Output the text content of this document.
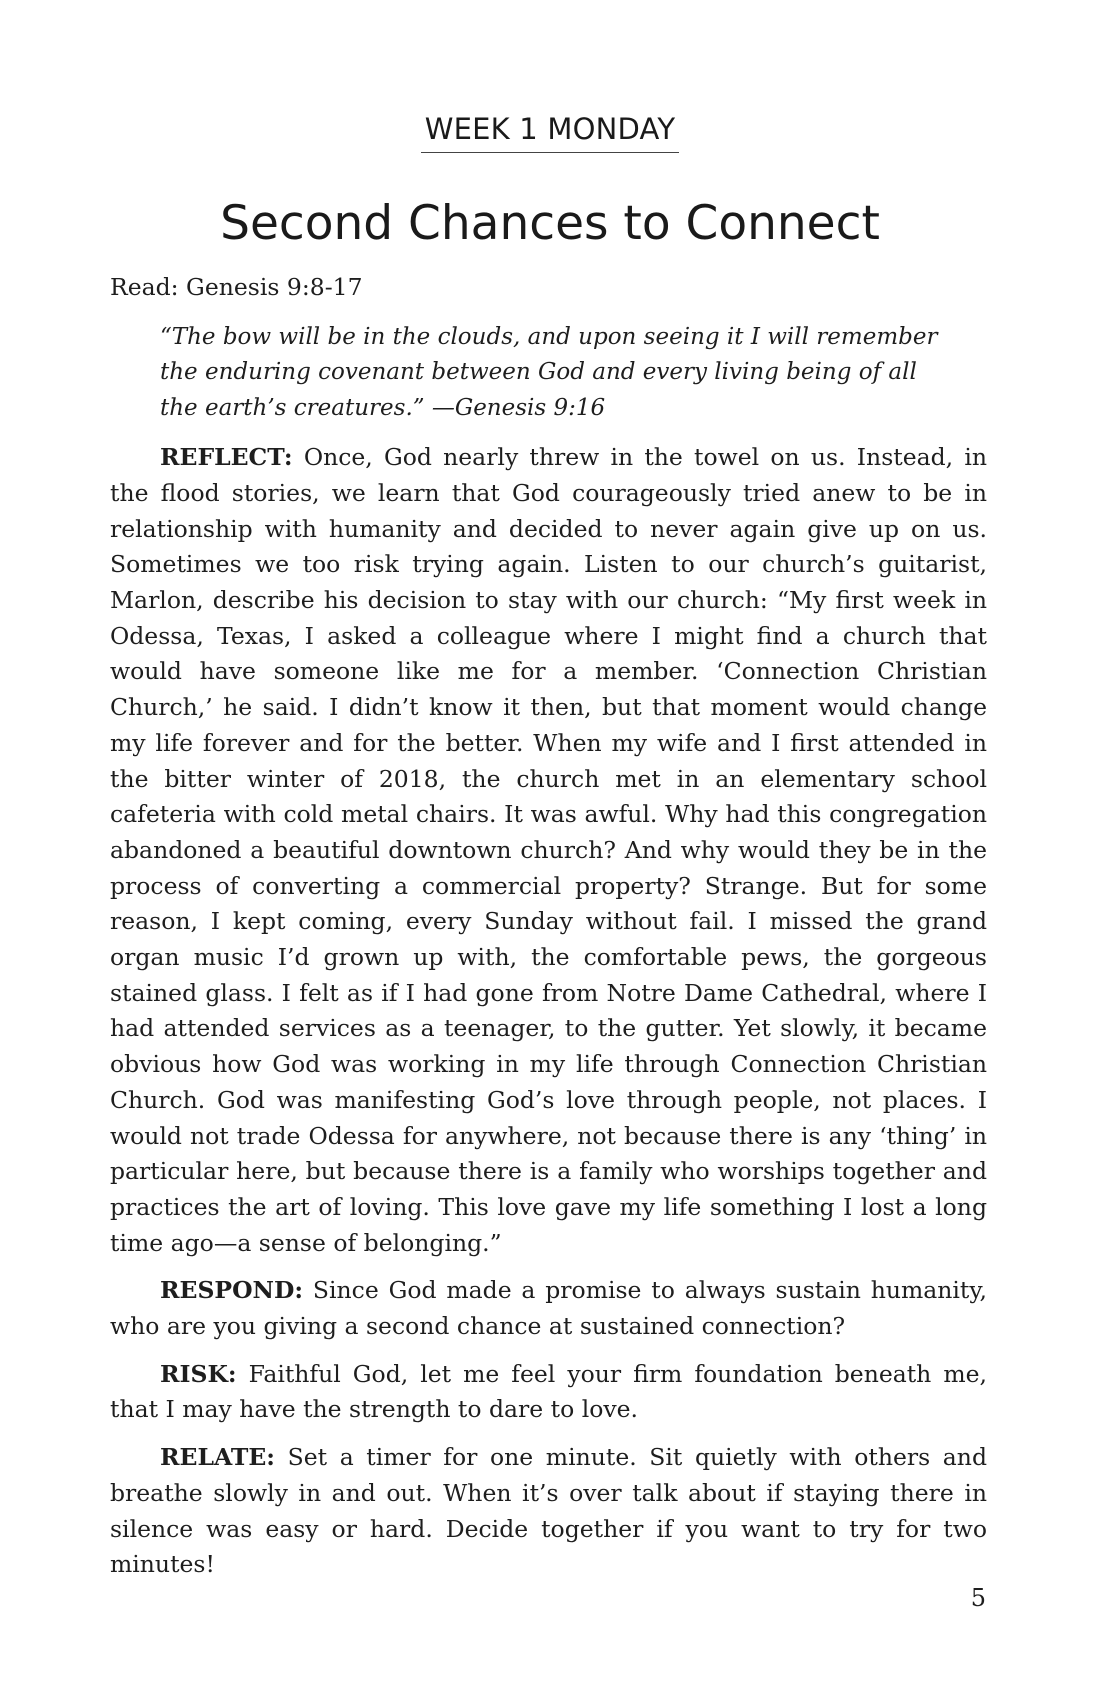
WEEK 1 MONDAY
Second Chances to Connect

Read: Genesis 9:8-17

“The bow will be in the clouds, and upon seeing it I will remember the enduring covenant between God and every living being of all the earth’s creatures.” —Genesis 9:16

REFLECT: Once, God nearly threw in the towel on us. Instead, in the flood stories, we learn that God courageously tried anew to be in relationship with humanity and decided to never again give up on us. Sometimes we too risk trying again. Listen to our church’s guitarist, Marlon, describe his decision to stay with our church: “My first week in Odessa, Texas, I asked a colleague where I might find a church that would have someone like me for a member. ‘Connection Christian Church,’ he said. I didn’t know it then, but that moment would change my life forever and for the better. When my wife and I first attended in the bitter winter of 2018, the church met in an elementary school cafeteria with cold metal chairs. It was awful. Why had this congregation abandoned a beautiful downtown church? And why would they be in the process of converting a commercial property? Strange. But for some reason, I kept coming, every Sunday without fail. I missed the grand organ music I’d grown up with, the comfortable pews, the gorgeous stained glass. I felt as if I had gone from Notre Dame Cathedral, where I had attended services as a teenager, to the gutter. Yet slowly, it became obvious how God was working in my life through Connection Christian Church. God was manifesting God’s love through people, not places. I would not trade Odessa for anywhere, not because there is any ‘thing’ in particular here, but because there is a family who worships together and practices the art of loving. This love gave my life something I lost a long time ago—a sense of belonging.”

RESPOND: Since God made a promise to always sustain humanity, who are you giving a second chance at sustained connection?

RISK: Faithful God, let me feel your firm foundation beneath me, that I may have the strength to dare to love.

RELATE: Set a timer for one minute. Sit quietly with others and breathe slowly in and out. When it’s over talk about if staying there in silence was easy or hard. Decide together if you want to try for two minutes!

5
